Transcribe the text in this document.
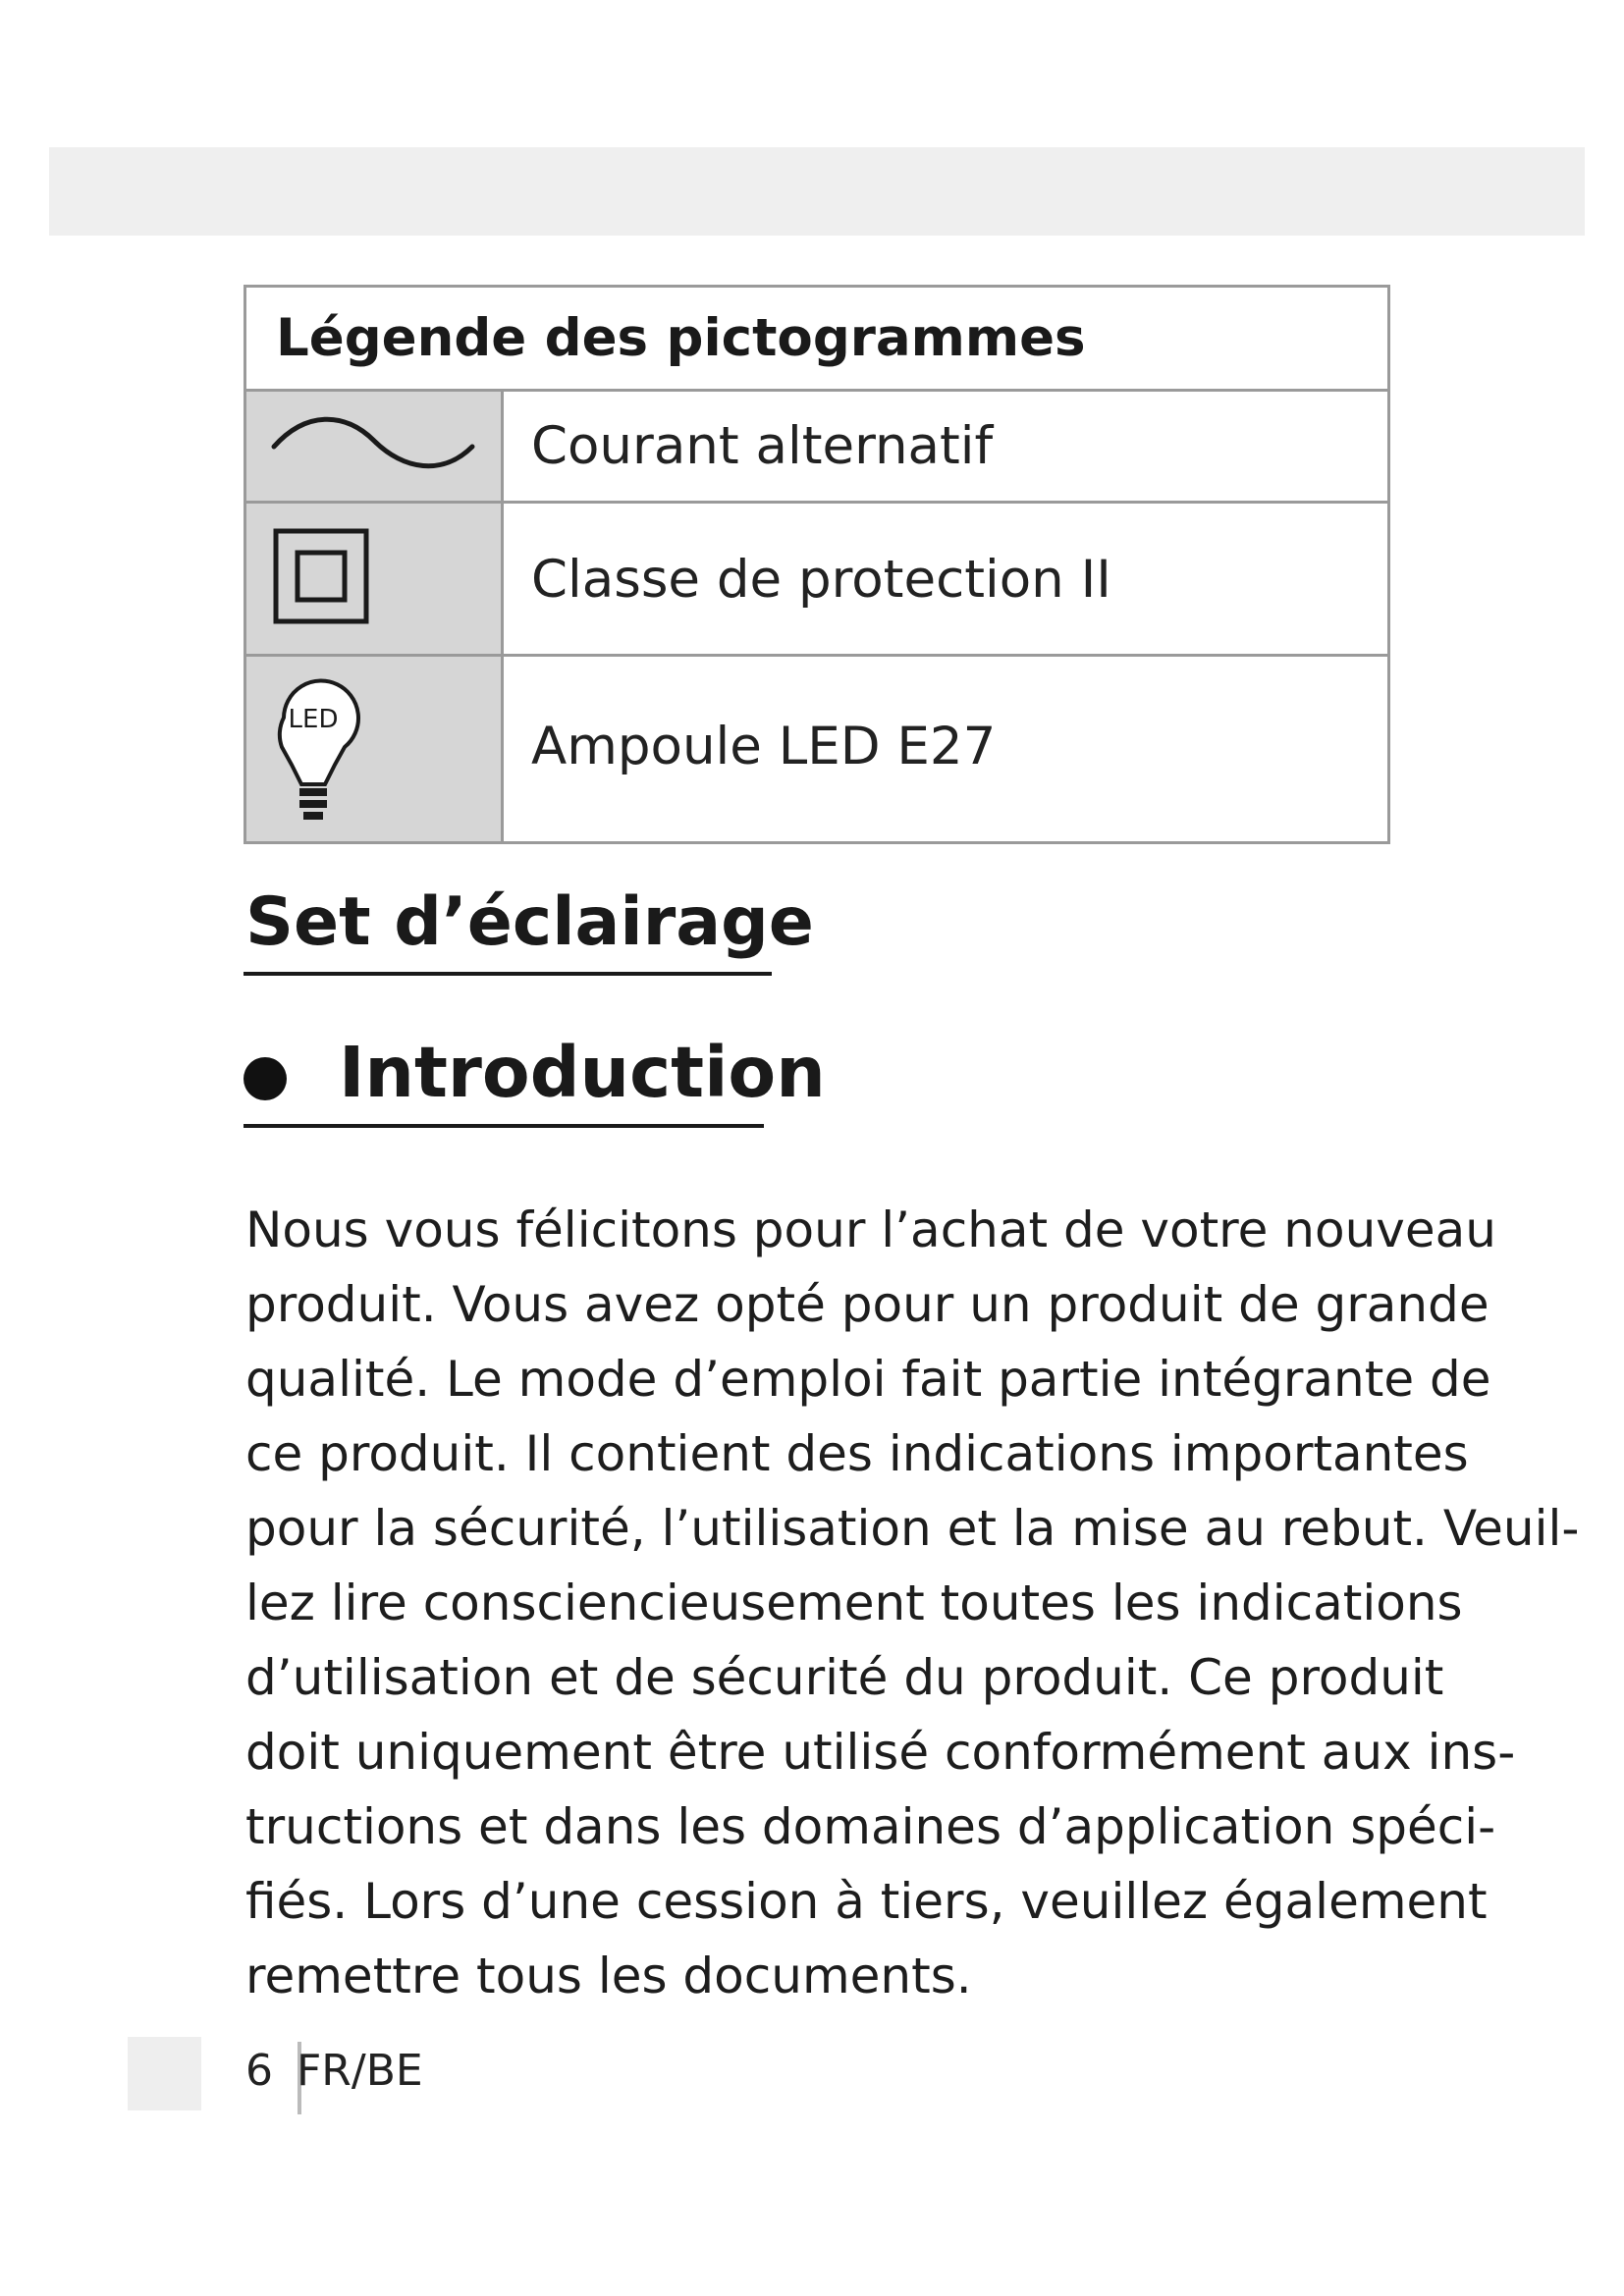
Légende des pictogrammes
Courant alternatif
Classe de protection II
LED	Ampoule LED E27
Set d’éclairage
Introduction
Nous vous félicitons pour l’achat de votre nouveau
produit. Vous avez opté pour un produit de grande
qualité. Le mode d’emploi fait partie intégrante de
ce produit. Il contient des indications importantes
pour la sécurité, l’utilisation et la mise au rebut. Veuil-
lez lire consciencieusement toutes les indications
d’utilisation et de sécurité du produit. Ce produit
doit uniquement être utilisé conformément aux ins-
tructions et dans les domaines d’application spéci-
fiés. Lors d’une cession à tiers, veuillez également
remettre tous les documents.
6 FR/BE
